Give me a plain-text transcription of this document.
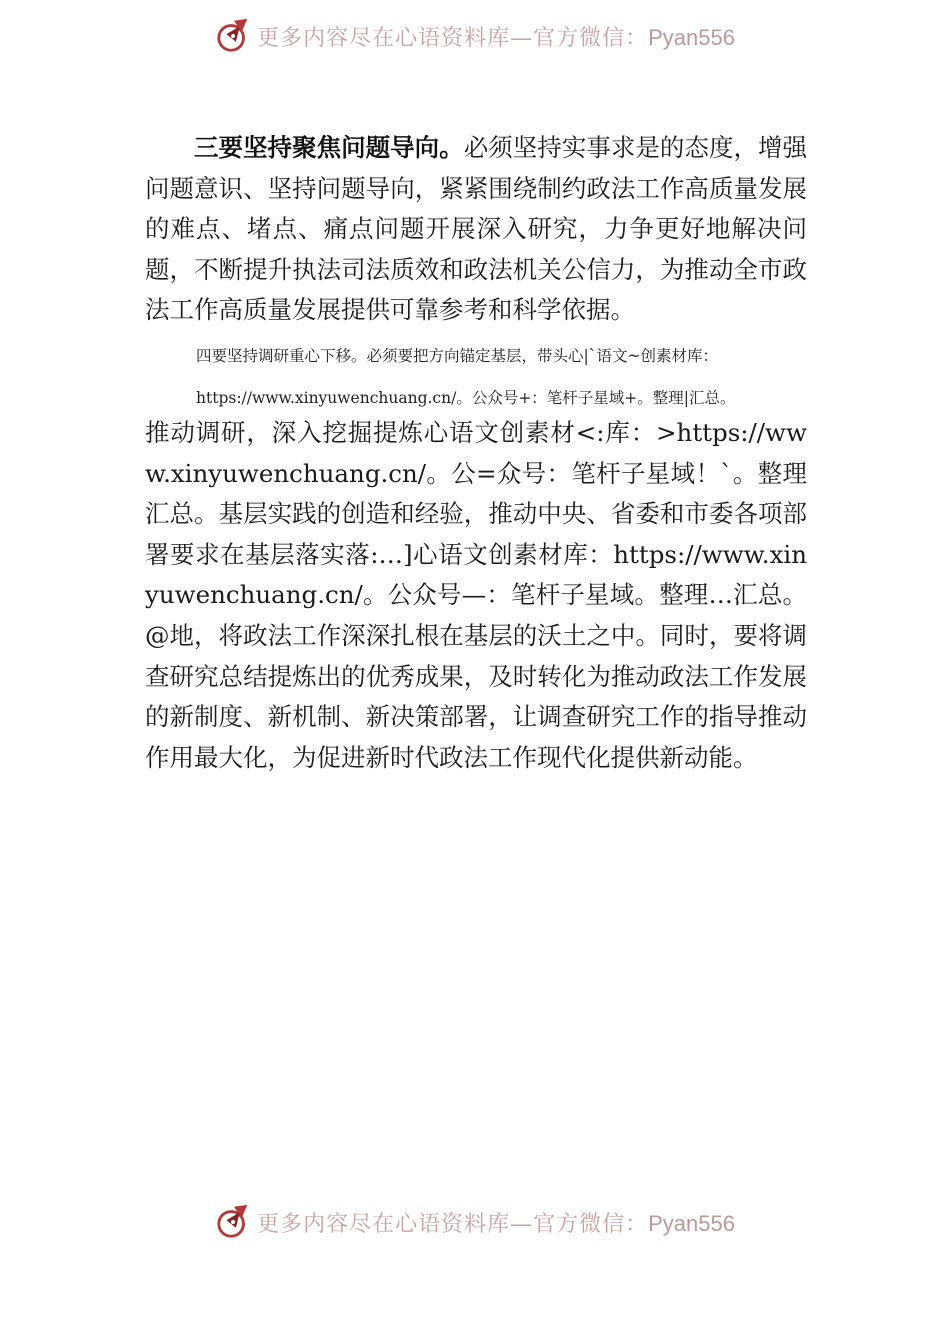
更多内容尽在心语资料库—官方微信：Pyan556

三要坚持聚焦问题导向。必须坚持实事求是的态度，增强问题意识、坚持问题导向，紧紧围绕制约政法工作高质量发展的难点、堵点、痛点问题开展深入研究，力争更好地解决问题，不断提升执法司法质效和政法机关公信力，为推动全市政法工作高质量发展提供可靠参考和科学依据。

四要坚持调研重心下移。必须要把方向锚定基层，带头心|`语文~创素材库：

https://www.xinyuwenchuang.cn/。公众号+：笔杆子星域+。整理|汇总。

推动调研，深入挖掘提炼心语文创素材<:库：>https://www.xinyuwenchuang.cn/。公=众号：笔杆子星域！`。整理汇总。基层实践的创造和经验，推动中央、省委和市委各项部署要求在基层落实落:…]心语文创素材库：https://www.xinyuwenchuang.cn/。公众号—：笔杆子星域。整理…汇总。@地，将政法工作深深扎根在基层的沃土之中。同时，要将调查研究总结提炼出的优秀成果，及时转化为推动政法工作发展的新制度、新机制、新决策部署，让调查研究工作的指导推动作用最大化，为促进新时代政法工作现代化提供新动能。

更多内容尽在心语资料库—官方微信：Pyan556
